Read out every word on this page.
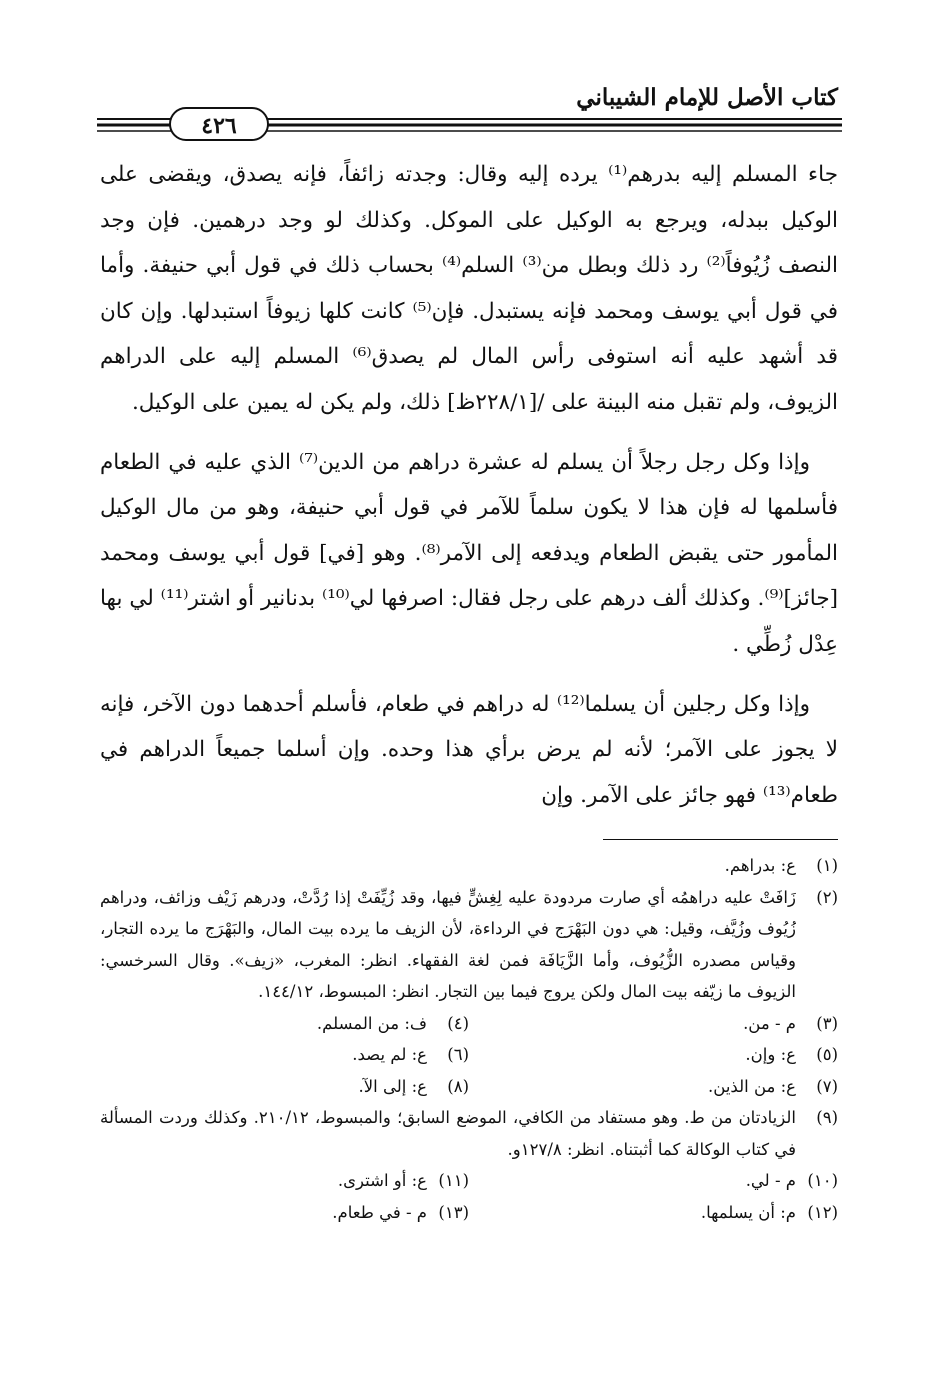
كتاب الأصل للإمام الشيباني
٤٢٦

جاء المسلم إليه بدرهم⁽¹⁾ يرده إليه وقال: وجدته زائفاً، فإنه يصدق، ويقضى على الوكيل ببدله، ويرجع به الوكيل على الموكل. وكذلك لو وجد درهمين. فإن وجد النصف زُيُوفاً⁽²⁾ رد ذلك وبطل من⁽³⁾ السلم⁽⁴⁾ بحساب ذلك في قول أبي حنيفة. وأما في قول أبي يوسف ومحمد فإنه يستبدل. فإن⁽⁵⁾ كانت كلها زيوفاً استبدلها. وإن كان قد أشهد عليه أنه استوفى رأس المال لم يصدق⁽⁶⁾ المسلم إليه على الدراهم الزيوف، ولم تقبل منه البينة على /[٢٢٨/١ظ] ذلك، ولم يكن له يمين على الوكيل.

وإذا وكل رجل رجلاً أن يسلم له عشرة دراهم من الدين⁽⁷⁾ الذي عليه في الطعام فأسلمها له فإن هذا لا يكون سلماً للآمر في قول أبي حنيفة، وهو من مال الوكيل المأمور حتى يقبض الطعام ويدفعه إلى الآمر⁽⁸⁾. وهو [في] قول أبي يوسف ومحمد [جائز]⁽⁹⁾. وكذلك ألف درهم على رجل فقال: اصرفها لي⁽¹⁰⁾ بدنانير أو اشتر⁽¹¹⁾ لي بها عِدْل زُطِّي .

وإذا وكل رجلين أن يسلما⁽¹²⁾ له دراهم في طعام، فأسلم أحدهما دون الآخر، فإنه لا يجوز على الآمر؛ لأنه لم يرض برأي هذا وحده. وإن أسلما جميعاً الدراهم في طعام⁽¹³⁾ فهو جائز على الآمر. وإن

(١)
ع: بدراهم.
(٢)
زَافَتْ عليه دراهمُه أي صارت مردودة عليه لِغِشٍّ فيها، وقد زُيِّفَتْ إذا رُدَّتْ، ودرهم زَيْف وزائف، ودراهم زُيُوف وزُيَّف، وقيل: هي دون البَهْرَج في الرداءة، لأن الزيف ما يرده بيت المال، والبَهْرَج ما يرده التجار، وقياس مصدره الزُّيُوف، وأما الزَّيَافَة فمن لغة الفقهاء. انظر: المغرب، «زيف». وقال السرخسي: الزيوف ما زيّفه بيت المال ولكن يروج فيما بين التجار. انظر: المبسوط، ١٤٤/١٢.
(٣)
م - من.
(٤)
ف: من المسلم.
(٥)
ع: وإن.
(٦)
ع: لم يصد.
(٧)
ع: من الذين.
(٨)
ع: إلى الآ.
(٩)
الزيادتان من ط. وهو مستفاد من الكافي، الموضع السابق؛ والمبسوط، ٢١٠/١٢. وكذلك وردت المسألة في كتاب الوكالة كما أثبتناه. انظر: ١٢٧/٨و.
(١٠)
م - لي.
(١١)
ع: أو اشترى.
(١٢)
م: أن يسلمها.
(١٣)
م - في طعام.
